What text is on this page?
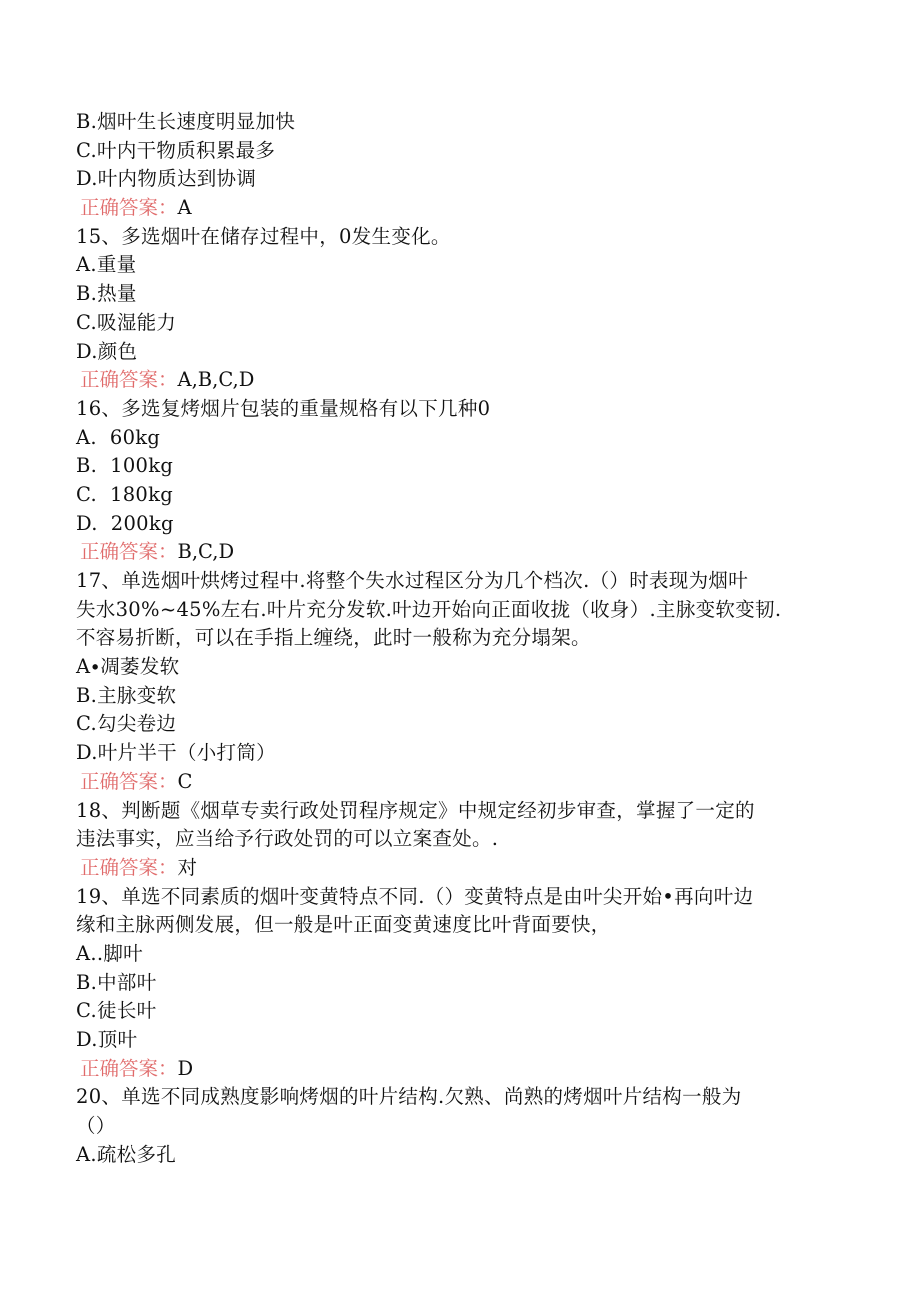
B.烟叶生长速度明显加快
C.叶内干物质积累最多
D.叶内物质达到协调
正确答案：A
15、多选烟叶在储存过程中，0发生变化。
A.重量
B.热量
C.吸湿能力
D.颜色
正确答案：A,B,C,D
16、多选复烤烟片包装的重量规格有以下几种0
A.  60kg
B.  100kg
C.  180kg
D.  200kg
正确答案：B,C,D
17、单选烟叶烘烤过程中.将整个失水过程区分为几个档次.（）时表现为烟叶
失水30%~45%左右.叶片充分发软.叶边开始向正面收拢（收身）.主脉变软变韧.
不容易折断，可以在手指上缠绕，此时一般称为充分塌架。
A∙凋萎发软
B.主脉变软
C.勾尖卷边
D.叶片半干（小打筒）
正确答案：C
18、判断题《烟草专卖行政处罚程序规定》中规定经初步审查，掌握了一定的
违法事实，应当给予行政处罚的可以立案查处。.
正确答案：对
19、单选不同素质的烟叶变黄特点不同.（）变黄特点是由叶尖开始•再向叶边
缘和主脉两侧发展，但一般是叶正面变黄速度比叶背面要快，
A..脚叶
B.中部叶
C.徒长叶
D.顶叶
正确答案：D
20、单选不同成熟度影响烤烟的叶片结构.欠熟、尚熟的烤烟叶片结构一般为
（）
A.疏松多孔
